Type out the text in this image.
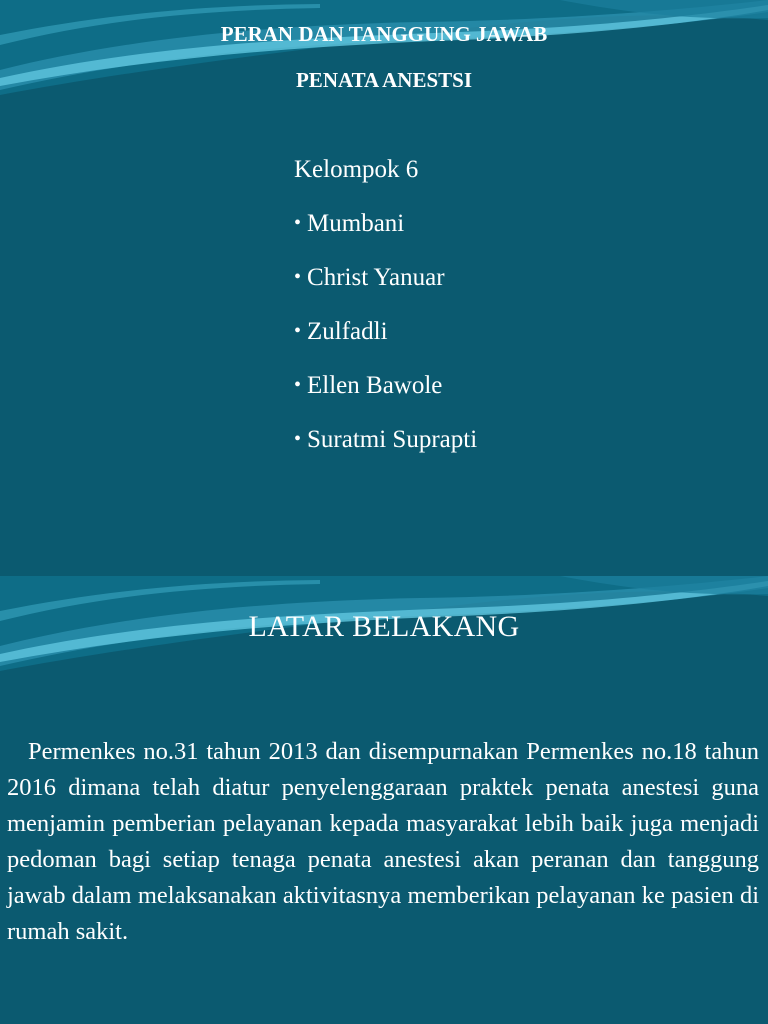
PERAN DAN TANGGUNG JAWAB
PENATA ANESTSI
Kelompok 6
• Mumbani
• Christ Yanuar
• Zulfadli
• Ellen Bawole
• Suratmi Suprapti
LATAR BELAKANG

Permenkes no.31 tahun 2013 dan disempurnakan Permenkes no.18 tahun 2016 dimana telah diatur penyelenggaraan praktek penata anestesi guna menjamin pemberian pelayanan kepada masyarakat lebih baik juga menjadi pedoman bagi setiap tenaga penata anestesi akan peranan dan tanggung jawab dalam melaksanakan aktivitasnya memberikan pelayanan ke pasien di rumah sakit.
